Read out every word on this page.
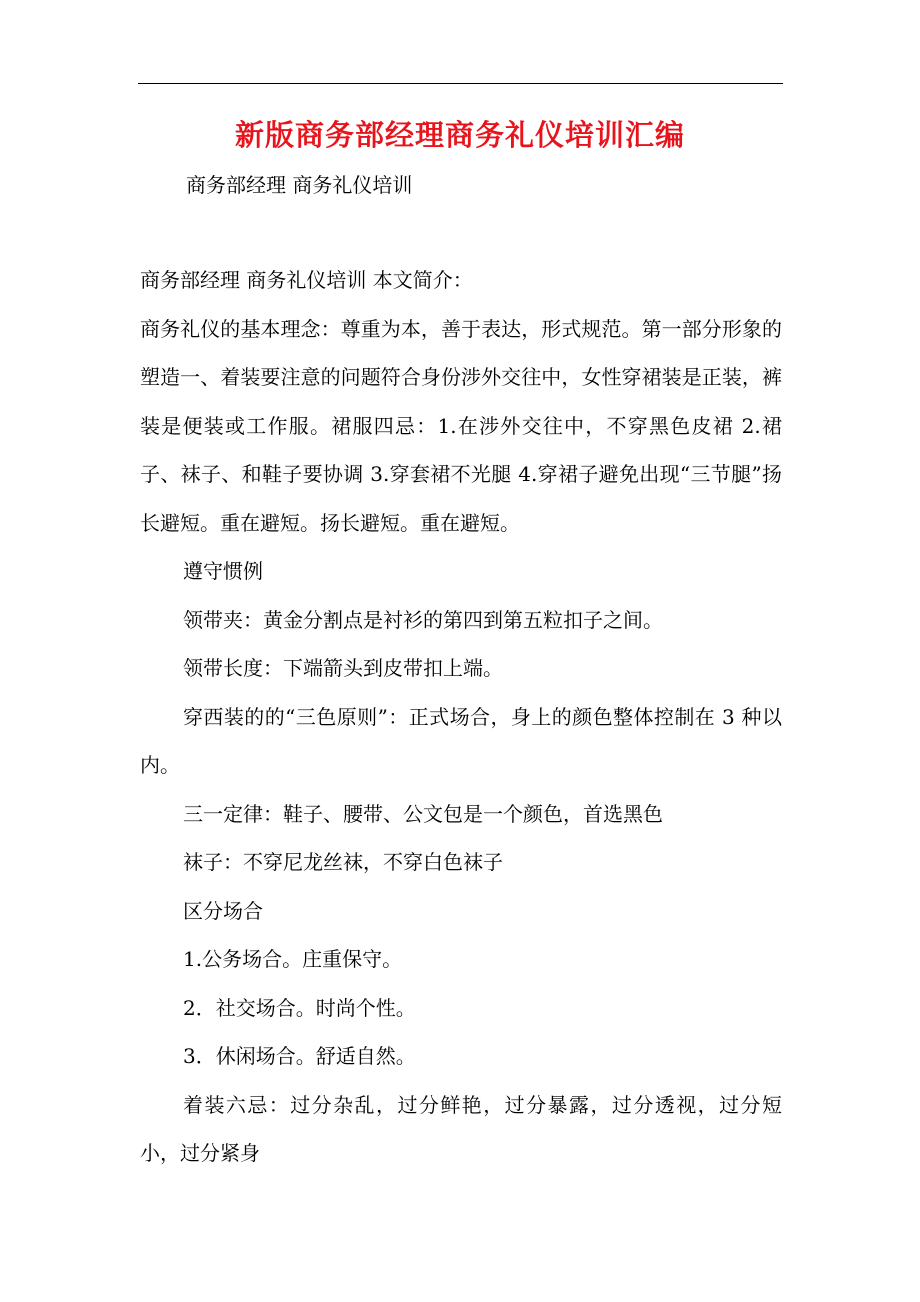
新版商务部经理商务礼仪培训汇编
商务部经理 商务礼仪培训

商务部经理 商务礼仪培训 本文简介：

商务礼仪的基本理念：尊重为本，善于表达，形式规范。第一部分形象的塑造一、着装要注意的问题符合身份涉外交往中，女性穿裙装是正装，裤装是便装或工作服。裙服四忌：1.在涉外交往中，不穿黑色皮裙 2.裙子、袜子、和鞋子要协调 3.穿套裙不光腿 4.穿裙子避免出现“三节腿”扬长避短。重在避短。扬长避短。重在避短。

遵守惯例

领带夹：黄金分割点是衬衫的第四到第五粒扣子之间。

领带长度：下端箭头到皮带扣上端。

穿西装的的“三色原则”：正式场合，身上的颜色整体控制在 3 种以内。

三一定律：鞋子、腰带、公文包是一个颜色，首选黑色

袜子：不穿尼龙丝袜，不穿白色袜子

区分场合

1.公务场合。庄重保守。

2．社交场合。时尚个性。

3．休闲场合。舒适自然。

着装六忌：过分杂乱，过分鲜艳，过分暴露，过分透视，过分短小，过分紧身
